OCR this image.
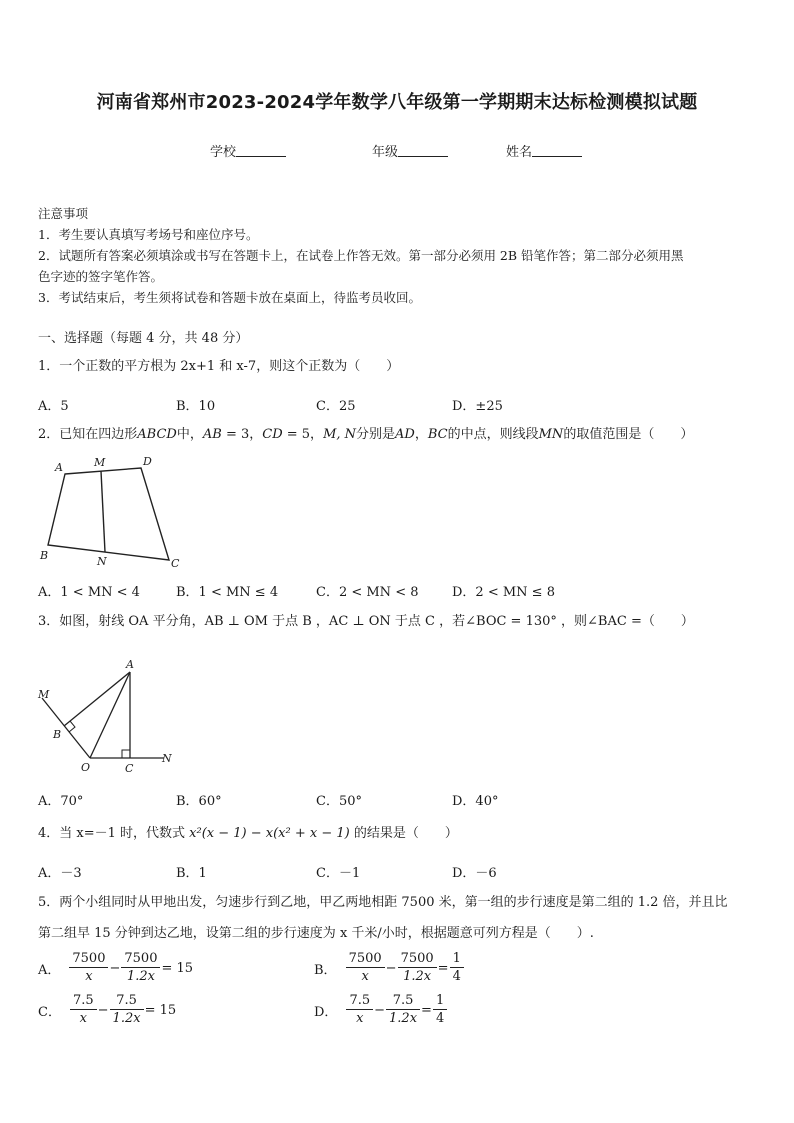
河南省郑州市2023-2024学年数学八年级第一学期期末达标检测模拟试题
学校	年级	姓名
注意事项
1．考生要认真填写考场号和座位序号。
2．试题所有答案必须填涂或书写在答题卡上，在试卷上作答无效。第一部分必须用 2B 铅笔作答；第二部分必须用黑
色字迹的签字笔作答。
3．考试结束后，考生须将试卷和答题卡放在桌面上，待监考员收回。
一、选择题（每题 4 分，共 48 分）
1．一个正数的平方根为 2x+1 和 x-7，则这个正数为（　　）
A．5	B．10	C．25	D．±25
2．已知在四边形ABCD中，AB = 3，CD = 5，M, N分别是AD，BC的中点，则线段MN的取值范围是（　　）
A	M	D
B	N	C
A．1 < MN < 4	B．1 < MN ≤ 4	C．2 < MN < 8	D．2 < MN ≤ 8
3．如图，射线 OA 平分角，AB ⊥ OM 于点 B ，AC ⊥ ON 于点 C ，若∠BOC = 130° ，则∠BAC =（　　）
A
M
B
O	C
N
A．70°	B．60°	C．50°	D．40°
4．当 x=－1 时，代数式 x²(x − 1) − x(x² + x − 1) 的结果是（　　）
A．－3	B．1	C．－1	D．－6
5．两个小组同时从甲地出发，匀速步行到乙地，甲乙两地相距 7500 米，第一组的步行速度是第二组的 1.2 倍，并且比
第二组早 15 分钟到达乙地，设第二组的步行速度为 x 千米/小时，根据题意可列方程是（　　）.
A． $\frac{7500}{x} - \frac{7500}{1.2x} = 15$	B． $\frac{7500}{x} - \frac{7500}{1.2x} = \frac{1}{4}$
C． $\frac{7.5}{x} - \frac{7.5}{1.2x} = 15$	D． $\frac{7.5}{x} - \frac{7.5}{1.2x} = \frac{1}{4}$
